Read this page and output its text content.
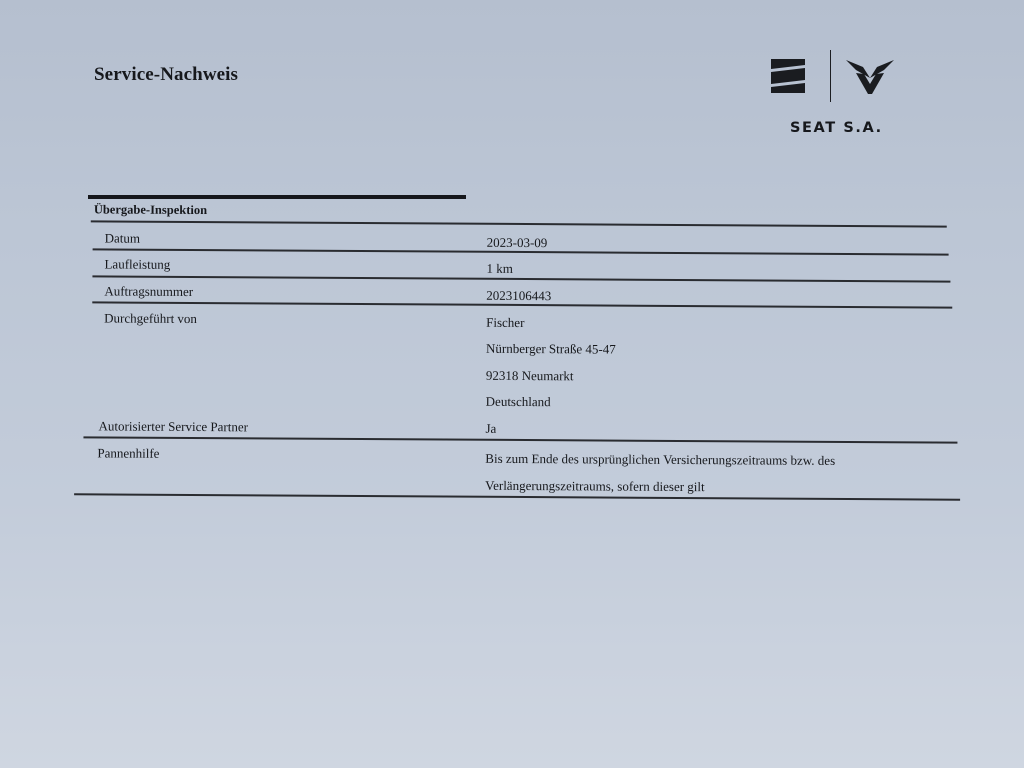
Service-Nachweis
SEAT S.A.
Übergabe-Inspektion
Datum	2023-03-09
Laufleistung	1 km
Auftragsnummer	2023106443
Durchgeführt von	Fischer
Nürnberger Straße 45-47
92318 Neumarkt
Deutschland
Autorisierter Service Partner	Ja
Pannenhilfe	Bis zum Ende des ursprünglichen Versicherungszeitraums bzw. des
Verlängerungszeitraums, sofern dieser gilt
